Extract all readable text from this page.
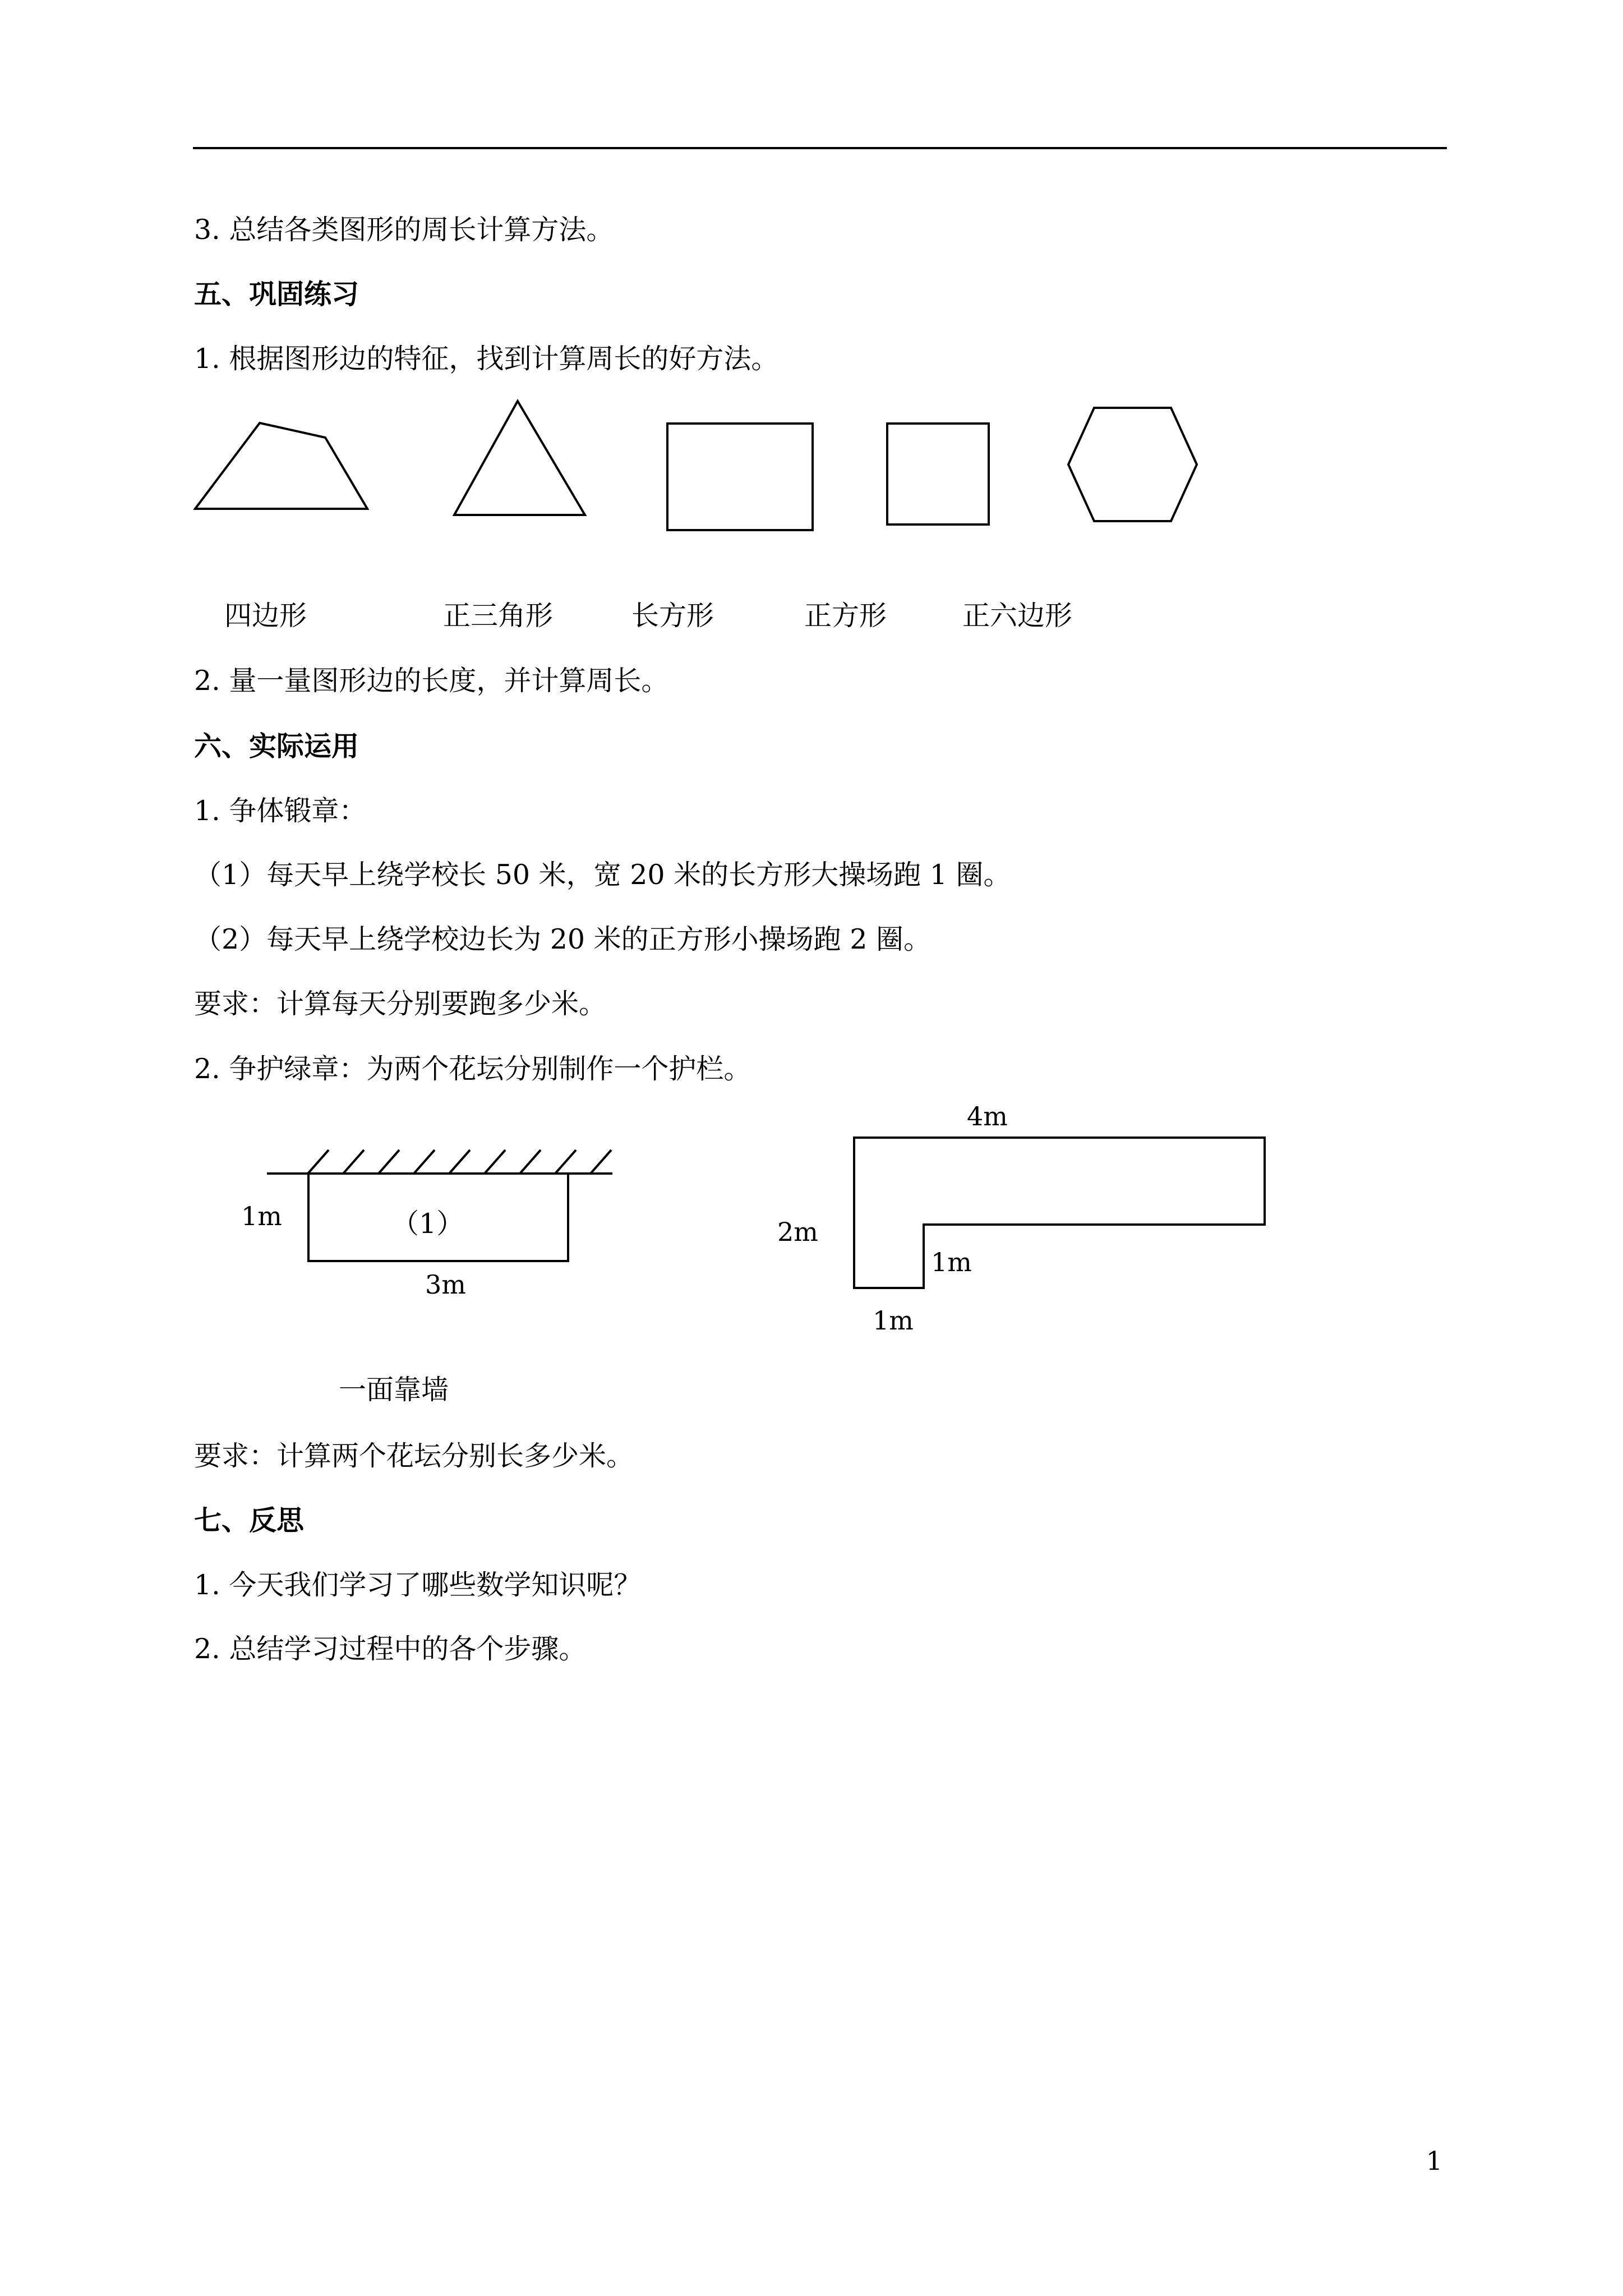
3. 总结各类图形的周长计算方法。
五、巩固练习
1. 根据图形边的特征，找到计算周长的好方法。
四边形	正三角形	长方形	正方形	正六边形
2. 量一量图形边的长度，并计算周长。
六、实际运用
1. 争体锻章：
（1）每天早上绕学校长 50 米，宽 20 米的长方形大操场跑 1 圈。
（2）每天早上绕学校边长为 20 米的正方形小操场跑 2 圈。
要求：计算每天分别要跑多少米。
2. 争护绿章：为两个花坛分别制作一个护栏。
1m	（1）
3m
一面靠墙
4m
2m
1m
1m
要求：计算两个花坛分别长多少米。
七、反思
1. 今天我们学习了哪些数学知识呢？
2. 总结学习过程中的各个步骤。
1
